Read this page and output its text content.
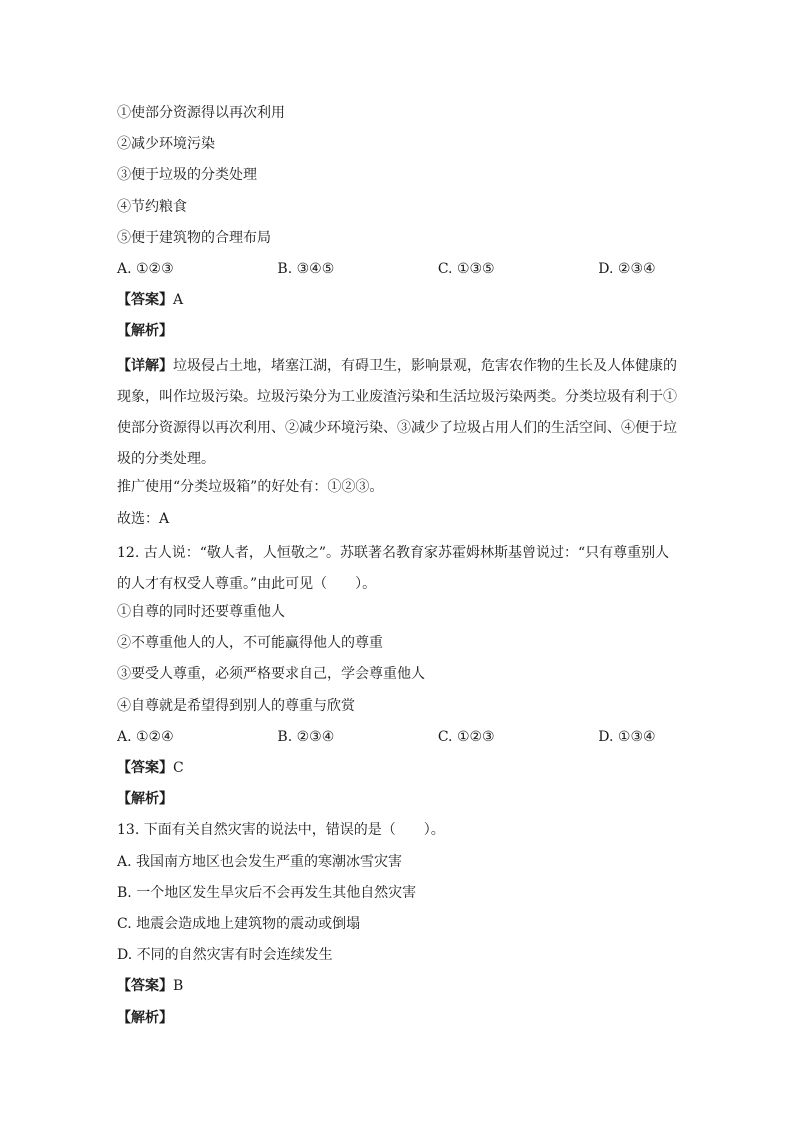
①使部分资源得以再次利用
②减少环境污染
③便于垃圾的分类处理
④节约粮食
⑤便于建筑物的合理布局
A. ①②③	B. ③④⑤	C. ①③⑤	D. ②③④
【答案】A
【解析】
【详解】垃圾侵占土地，堵塞江湖，有碍卫生，影响景观，危害农作物的生长及人体健康的现象，叫作垃圾污染。垃圾污染分为工业废渣污染和生活垃圾污染两类。分类垃圾有利于①使部分资源得以再次利用、②减少环境污染、③减少了垃圾占用人们的生活空间、④便于垃圾的分类处理。
推广使用“分类垃圾箱”的好处有：①②③。
故选：A
12. 古人说：“敬人者，人恒敬之”。苏联著名教育家苏霍姆林斯基曾说过：“只有尊重别人的人才有权受人尊重。”由此可见（　　）。
①自尊的同时还要尊重他人
②不尊重他人的人，不可能赢得他人的尊重
③要受人尊重，必须严格要求自己，学会尊重他人
④自尊就是希望得到别人的尊重与欣赏
A. ①②④	B. ②③④	C. ①②③	D. ①③④
【答案】C
【解析】
13. 下面有关自然灾害的说法中，错误的是（　　）。
A. 我国南方地区也会发生严重的寒潮冰雪灾害
B. 一个地区发生旱灾后不会再发生其他自然灾害
C. 地震会造成地上建筑物的震动或倒塌
D. 不同的自然灾害有时会连续发生
【答案】B
【解析】
